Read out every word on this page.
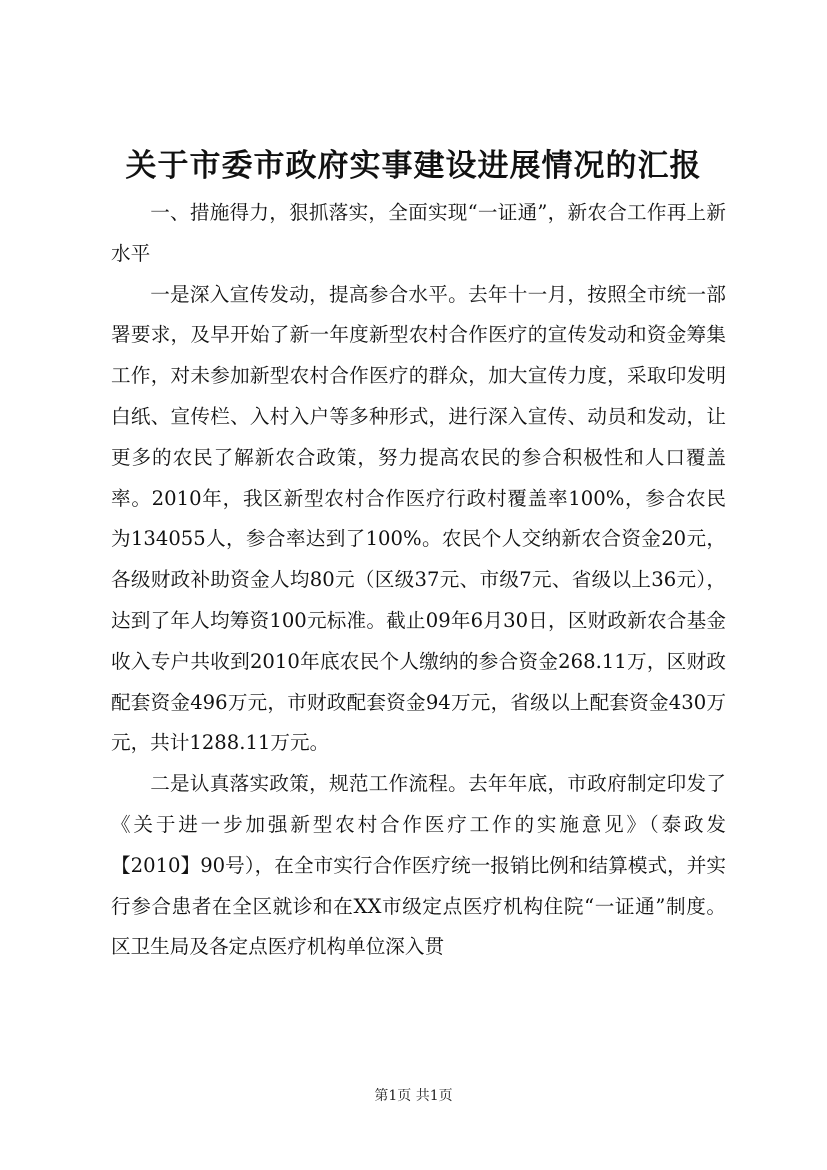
关于市委市政府实事建设进展情况的汇报

一、措施得力，狠抓落实，全面实现“一证通”，新农合工作再上新水平

一是深入宣传发动，提高参合水平。去年十一月，按照全市统一部署要求，及早开始了新一年度新型农村合作医疗的宣传发动和资金筹集工作，对未参加新型农村合作医疗的群众，加大宣传力度，采取印发明白纸、宣传栏、入村入户等多种形式，进行深入宣传、动员和发动，让更多的农民了解新农合政策，努力提高农民的参合积极性和人口覆盖率。2010年，我区新型农村合作医疗行政村覆盖率100%，参合农民为134055人，参合率达到了100%。农民个人交纳新农合资金20元，各级财政补助资金人均80元（区级37元、市级7元、省级以上36元），达到了年人均筹资100元标准。截止09年6月30日，区财政新农合基金收入专户共收到2010年底农民个人缴纳的参合资金268.11万，区财政配套资金496万元，市财政配套资金94万元，省级以上配套资金430万元，共计1288.11万元。

二是认真落实政策，规范工作流程。去年年底，市政府制定印发了《关于进一步加强新型农村合作医疗工作的实施意见》（泰政发【2010】90号），在全市实行合作医疗统一报销比例和结算模式，并实行参合患者在全区就诊和在XX市级定点医疗机构住院“一证通”制度。区卫生局及各定点医疗机构单位深入贯

第1页 共1页
